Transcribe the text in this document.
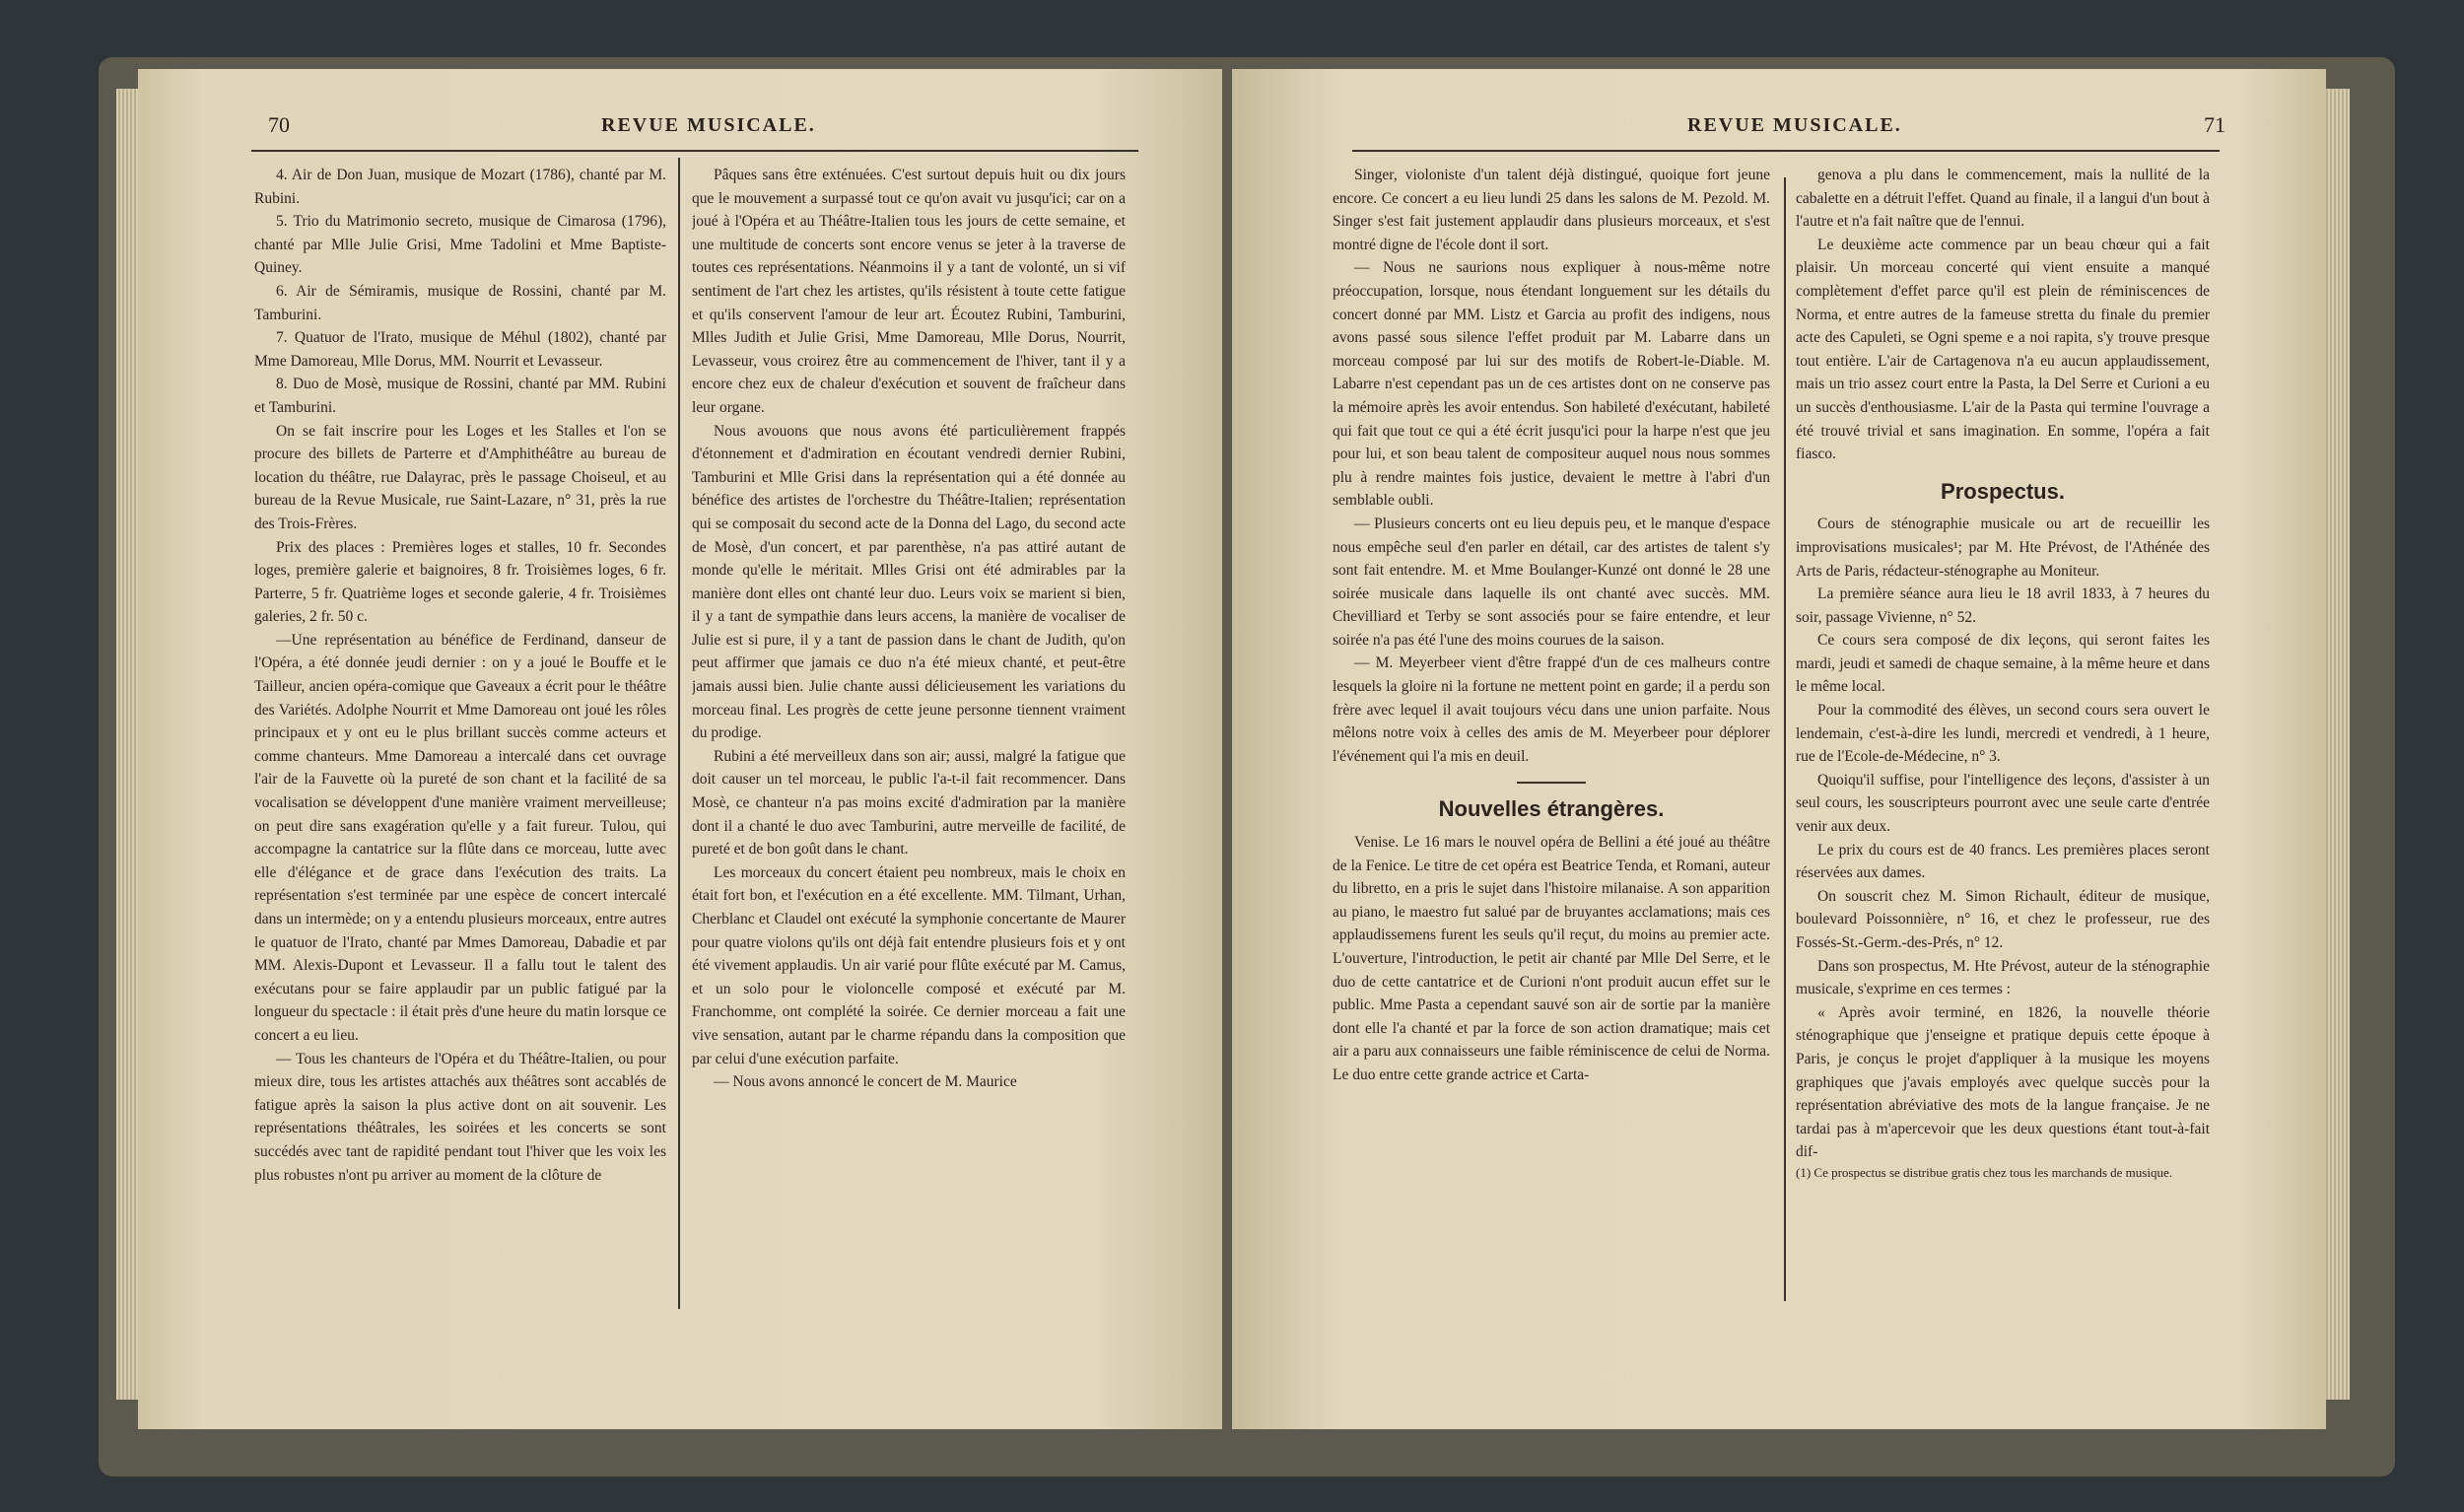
70	REVUE MUSICALE.

4. Air de Don Juan, musique de Mozart (1786), chanté par M. Rubini.

5. Trio du Matrimonio secreto, musique de Cimarosa (1796), chanté par Mlle Julie Grisi, Mme Tadolini et Mme Baptiste-Quiney.

6. Air de Sémiramis, musique de Rossini, chanté par M. Tamburini.

7. Quatuor de l'Irato, musique de Méhul (1802), chanté par Mme Damoreau, Mlle Dorus, MM. Nourrit et Levasseur.

8. Duo de Mosè, musique de Rossini, chanté par MM. Rubini et Tamburini.

On se fait inscrire pour les Loges et les Stalles et l'on se procure des billets de Parterre et d'Amphithéâtre au bureau de location du théâtre, rue Dalayrac, près le passage Choiseul, et au bureau de la Revue Musicale, rue Saint-Lazare, n° 31, près la rue des Trois-Frères.

Prix des places : Premières loges et stalles, 10 fr. Secondes loges, première galerie et baignoires, 8 fr. Troisièmes loges, 6 fr. Parterre, 5 fr. Quatrième loges et seconde galerie, 4 fr. Troisièmes galeries, 2 fr. 50 c.

—Une représentation au bénéfice de Ferdinand, danseur de l'Opéra, a été donnée jeudi dernier : on y a joué le Bouffe et le Tailleur, ancien opéra-comique que Gaveaux a écrit pour le théâtre des Variétés. Adolphe Nourrit et Mme Damoreau ont joué les rôles principaux et y ont eu le plus brillant succès comme acteurs et comme chanteurs. Mme Damoreau a intercalé dans cet ouvrage l'air de la Fauvette où la pureté de son chant et la facilité de sa vocalisation se développent d'une manière vraiment merveilleuse; on peut dire sans exagération qu'elle y a fait fureur. Tulou, qui accompagne la cantatrice sur la flûte dans ce morceau, lutte avec elle d'élégance et de grace dans l'exécution des traits. La représentation s'est terminée par une espèce de concert intercalé dans un intermède; on y a entendu plusieurs morceaux, entre autres le quatuor de l'Irato, chanté par Mmes Damoreau, Dabadie et par MM. Alexis-Dupont et Levasseur. Il a fallu tout le talent des exécutans pour se faire applaudir par un public fatigué par la longueur du spectacle : il était près d'une heure du matin lorsque ce concert a eu lieu.

— Tous les chanteurs de l'Opéra et du Théâtre-Italien, ou pour mieux dire, tous les artistes attachés aux théâtres sont accablés de fatigue après la saison la plus active dont on ait souvenir. Les représentations théâtrales, les soirées et les concerts se sont succédés avec tant de rapidité pendant tout l'hiver que les voix les plus robustes n'ont pu arriver au moment de la clôture de

Pâques sans être exténuées. C'est surtout depuis huit ou dix jours que le mouvement a surpassé tout ce qu'on avait vu jusqu'ici; car on a joué à l'Opéra et au Théâtre-Italien tous les jours de cette semaine, et une multitude de concerts sont encore venus se jeter à la traverse de toutes ces représentations. Néanmoins il y a tant de volonté, un si vif sentiment de l'art chez les artistes, qu'ils résistent à toute cette fatigue et qu'ils conservent l'amour de leur art. Écoutez Rubini, Tamburini, Mlles Judith et Julie Grisi, Mme Damoreau, Mlle Dorus, Nourrit, Levasseur, vous croirez être au commencement de l'hiver, tant il y a encore chez eux de chaleur d'exécution et souvent de fraîcheur dans leur organe.

Nous avouons que nous avons été particulièrement frappés d'étonnement et d'admiration en écoutant vendredi dernier Rubini, Tamburini et Mlle Grisi dans la représentation qui a été donnée au bénéfice des artistes de l'orchestre du Théâtre-Italien; représentation qui se composait du second acte de la Donna del Lago, du second acte de Mosè, d'un concert, et par parenthèse, n'a pas attiré autant de monde qu'elle le méritait. Mlles Grisi ont été admirables par la manière dont elles ont chanté leur duo. Leurs voix se marient si bien, il y a tant de sympathie dans leurs accens, la manière de vocaliser de Julie est si pure, il y a tant de passion dans le chant de Judith, qu'on peut affirmer que jamais ce duo n'a été mieux chanté, et peut-être jamais aussi bien. Julie chante aussi délicieusement les variations du morceau final. Les progrès de cette jeune personne tiennent vraiment du prodige.

Rubini a été merveilleux dans son air; aussi, malgré la fatigue que doit causer un tel morceau, le public l'a-t-il fait recommencer. Dans Mosè, ce chanteur n'a pas moins excité d'admiration par la manière dont il a chanté le duo avec Tamburini, autre merveille de facilité, de pureté et de bon goût dans le chant.

Les morceaux du concert étaient peu nombreux, mais le choix en était fort bon, et l'exécution en a été excellente. MM. Tilmant, Urhan, Cherblanc et Claudel ont exécuté la symphonie concertante de Maurer pour quatre violons qu'ils ont déjà fait entendre plusieurs fois et y ont été vivement applaudis. Un air varié pour flûte exécuté par M. Camus, et un solo pour le violoncelle composé et exécuté par M. Franchomme, ont complété la soirée. Ce dernier morceau a fait une vive sensation, autant par le charme répandu dans la composition que par celui d'une exécution parfaite.

— Nous avons annoncé le concert de M. Maurice

REVUE MUSICALE.	71

Singer, violoniste d'un talent déjà distingué, quoique fort jeune encore. Ce concert a eu lieu lundi 25 dans les salons de M. Pezold. M. Singer s'est fait justement applaudir dans plusieurs morceaux, et s'est montré digne de l'école dont il sort.

— Nous ne saurions nous expliquer à nous-même notre préoccupation, lorsque, nous étendant longuement sur les détails du concert donné par MM. Listz et Garcia au profit des indigens, nous avons passé sous silence l'effet produit par M. Labarre dans un morceau composé par lui sur des motifs de Robert-le-Diable. M. Labarre n'est cependant pas un de ces artistes dont on ne conserve pas la mémoire après les avoir entendus. Son habileté d'exécutant, habileté qui fait que tout ce qui a été écrit jusqu'ici pour la harpe n'est que jeu pour lui, et son beau talent de compositeur auquel nous nous sommes plu à rendre maintes fois justice, devaient le mettre à l'abri d'un semblable oubli.

— Plusieurs concerts ont eu lieu depuis peu, et le manque d'espace nous empêche seul d'en parler en détail, car des artistes de talent s'y sont fait entendre. M. et Mme Boulanger-Kunzé ont donné le 28 une soirée musicale dans laquelle ils ont chanté avec succès. MM. Chevilliard et Terby se sont associés pour se faire entendre, et leur soirée n'a pas été l'une des moins courues de la saison.

— M. Meyerbeer vient d'être frappé d'un de ces malheurs contre lesquels la gloire ni la fortune ne mettent point en garde; il a perdu son frère avec lequel il avait toujours vécu dans une union parfaite. Nous mêlons notre voix à celles des amis de M. Meyerbeer pour déplorer l'événement qui l'a mis en deuil.

Nouvelles étrangères.

Venise. Le 16 mars le nouvel opéra de Bellini a été joué au théâtre de la Fenice. Le titre de cet opéra est Beatrice Tenda, et Romani, auteur du libretto, en a pris le sujet dans l'histoire milanaise. A son apparition au piano, le maestro fut salué par de bruyantes acclamations; mais ces applaudissemens furent les seuls qu'il reçut, du moins au premier acte. L'ouverture, l'introduction, le petit air chanté par Mlle Del Serre, et le duo de cette cantatrice et de Curioni n'ont produit aucun effet sur le public. Mme Pasta a cependant sauvé son air de sortie par la manière dont elle l'a chanté et par la force de son action dramatique; mais cet air a paru aux connaisseurs une faible réminiscence de celui de Norma. Le duo entre cette grande actrice et Carta-

genova a plu dans le commencement, mais la nullité de la cabalette en a détruit l'effet. Quand au finale, il a langui d'un bout à l'autre et n'a fait naître que de l'ennui.

Le deuxième acte commence par un beau chœur qui a fait plaisir. Un morceau concerté qui vient ensuite a manqué complètement d'effet parce qu'il est plein de réminiscences de Norma, et entre autres de la fameuse stretta du finale du premier acte des Capuleti, se Ogni speme e a noi rapita, s'y trouve presque tout entière. L'air de Cartagenova n'a eu aucun applaudissement, mais un trio assez court entre la Pasta, la Del Serre et Curioni a eu un succès d'enthousiasme. L'air de la Pasta qui termine l'ouvrage a été trouvé trivial et sans imagination. En somme, l'opéra a fait fiasco.

Prospectus.

Cours de sténographie musicale ou art de recueillir les improvisations musicales¹; par M. Hte Prévost, de l'Athénée des Arts de Paris, rédacteur-sténographe au Moniteur.

La première séance aura lieu le 18 avril 1833, à 7 heures du soir, passage Vivienne, n° 52.

Ce cours sera composé de dix leçons, qui seront faites les mardi, jeudi et samedi de chaque semaine, à la même heure et dans le même local.

Pour la commodité des élèves, un second cours sera ouvert le lendemain, c'est-à-dire les lundi, mercredi et vendredi, à 1 heure, rue de l'Ecole-de-Médecine, n° 3.

Quoiqu'il suffise, pour l'intelligence des leçons, d'assister à un seul cours, les souscripteurs pourront avec une seule carte d'entrée venir aux deux.

Le prix du cours est de 40 francs. Les premières places seront réservées aux dames.

On souscrit chez M. Simon Richault, éditeur de musique, boulevard Poissonnière, n° 16, et chez le professeur, rue des Fossés-St.-Germ.-des-Prés, n° 12.

Dans son prospectus, M. Hte Prévost, auteur de la sténographie musicale, s'exprime en ces termes :

« Après avoir terminé, en 1826, la nouvelle théorie sténographique que j'enseigne et pratique depuis cette époque à Paris, je conçus le projet d'appliquer à la musique les moyens graphiques que j'avais employés avec quelque succès pour la représentation abréviative des mots de la langue française. Je ne tardai pas à m'apercevoir que les deux questions étant tout-à-fait dif-

(1) Ce prospectus se distribue gratis chez tous les marchands de musique.
